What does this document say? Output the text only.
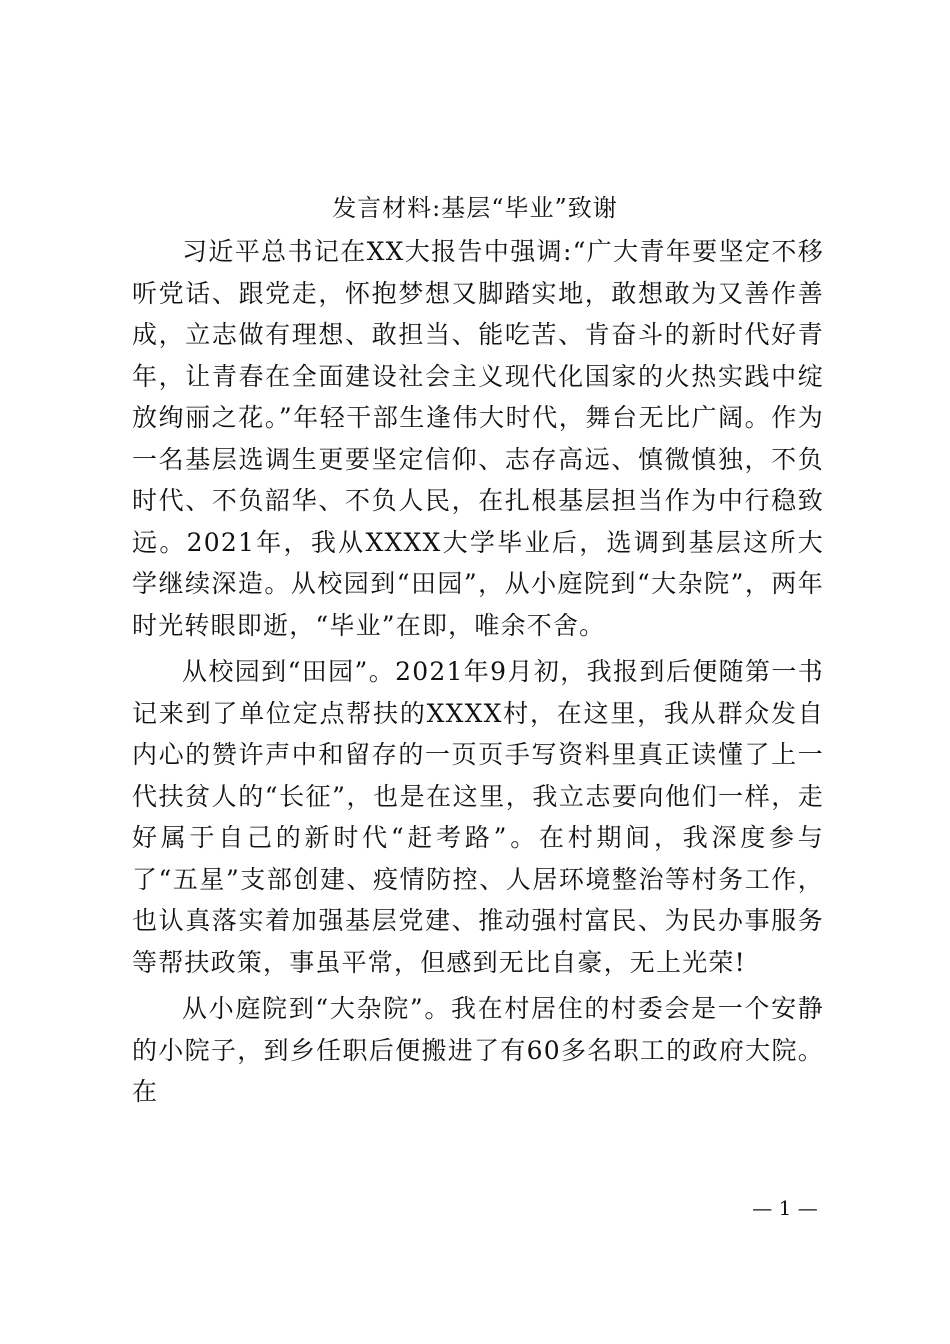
发言材料:基层“毕业”致谢

习近平总书记在XX大报告中强调:“广大青年要坚定不移听党话、跟党走，怀抱梦想又脚踏实地，敢想敢为又善作善成，立志做有理想、敢担当、能吃苦、肯奋斗的新时代好青年，让青春在全面建设社会主义现代化国家的火热实践中绽放绚丽之花。”年轻干部生逢伟大时代，舞台无比广阔。作为一名基层选调生更要坚定信仰、志存高远、慎微慎独，不负时代、不负韶华、不负人民，在扎根基层担当作为中行稳致远。2021年，我从XXXX大学毕业后，选调到基层这所大学继续深造。从校园到“田园”，从小庭院到“大杂院”，两年时光转眼即逝，“毕业”在即，唯余不舍。

从校园到“田园”。2021年9月初，我报到后便随第一书记来到了单位定点帮扶的XXXX村，在这里，我从群众发自内心的赞许声中和留存的一页页手写资料里真正读懂了上一代扶贫人的“长征”，也是在这里，我立志要向他们一样，走好属于自己的新时代“赶考路”。在村期间，我深度参与了“五星”支部创建、疫情防控、人居环境整治等村务工作，也认真落实着加强基层党建、推动强村富民、为民办事服务等帮扶政策，事虽平常，但感到无比自豪，无上光荣!

从小庭院到“大杂院”。我在村居住的村委会是一个安静的小院子，到乡任职后便搬进了有60多名职工的政府大院。在

— 1 —
